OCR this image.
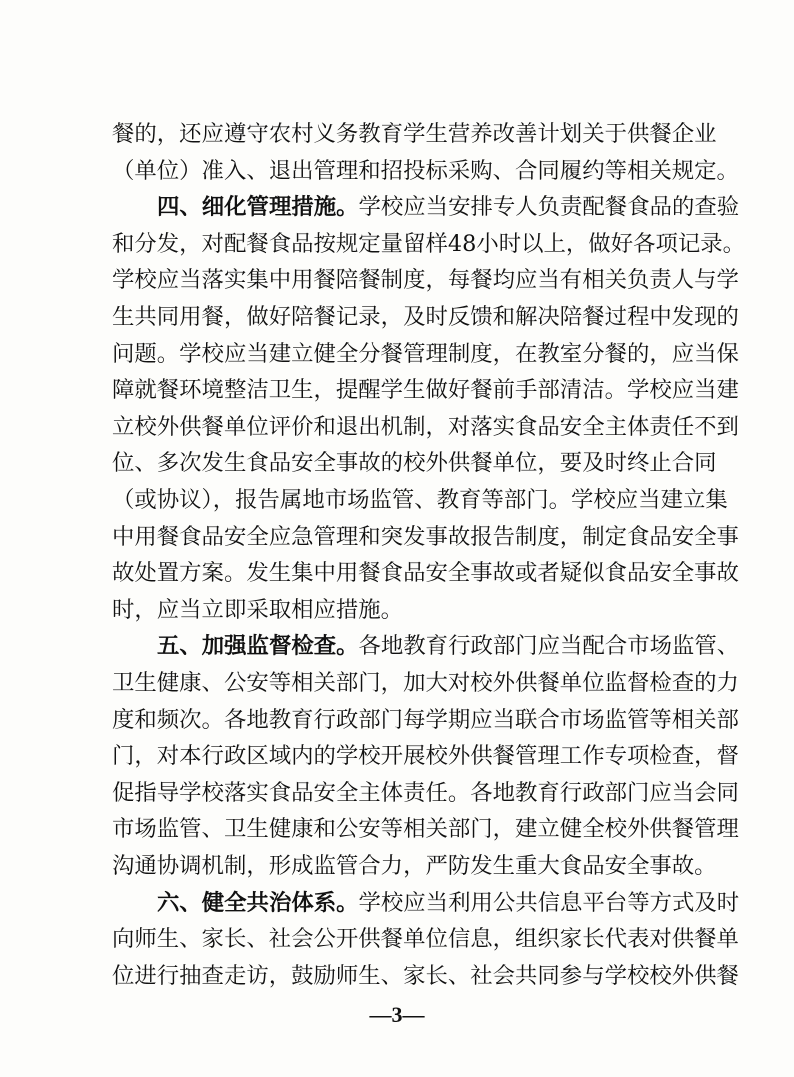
餐的，还应遵守农村义务教育学生营养改善计划关于供餐企业
（单位）准入、退出管理和招投标采购、合同履约等相关规定。
四、细化管理措施。学校应当安排专人负责配餐食品的查验
和分发，对配餐食品按规定量留样48小时以上，做好各项记录。
学校应当落实集中用餐陪餐制度，每餐均应当有相关负责人与学
生共同用餐，做好陪餐记录，及时反馈和解决陪餐过程中发现的
问题。学校应当建立健全分餐管理制度，在教室分餐的，应当保
障就餐环境整洁卫生，提醒学生做好餐前手部清洁。学校应当建
立校外供餐单位评价和退出机制，对落实食品安全主体责任不到
位、多次发生食品安全事故的校外供餐单位，要及时终止合同
（或协议），报告属地市场监管、教育等部门。学校应当建立集
中用餐食品安全应急管理和突发事故报告制度，制定食品安全事
故处置方案。发生集中用餐食品安全事故或者疑似食品安全事故
时，应当立即采取相应措施。
五、加强监督检查。各地教育行政部门应当配合市场监管、
卫生健康、公安等相关部门，加大对校外供餐单位监督检查的力
度和频次。各地教育行政部门每学期应当联合市场监管等相关部
门，对本行政区域内的学校开展校外供餐管理工作专项检查，督
促指导学校落实食品安全主体责任。各地教育行政部门应当会同
市场监管、卫生健康和公安等相关部门，建立健全校外供餐管理
沟通协调机制，形成监管合力，严防发生重大食品安全事故。
六、健全共治体系。学校应当利用公共信息平台等方式及时
向师生、家长、社会公开供餐单位信息，组织家长代表对供餐单
位进行抽查走访，鼓励师生、家长、社会共同参与学校校外供餐
—3—
